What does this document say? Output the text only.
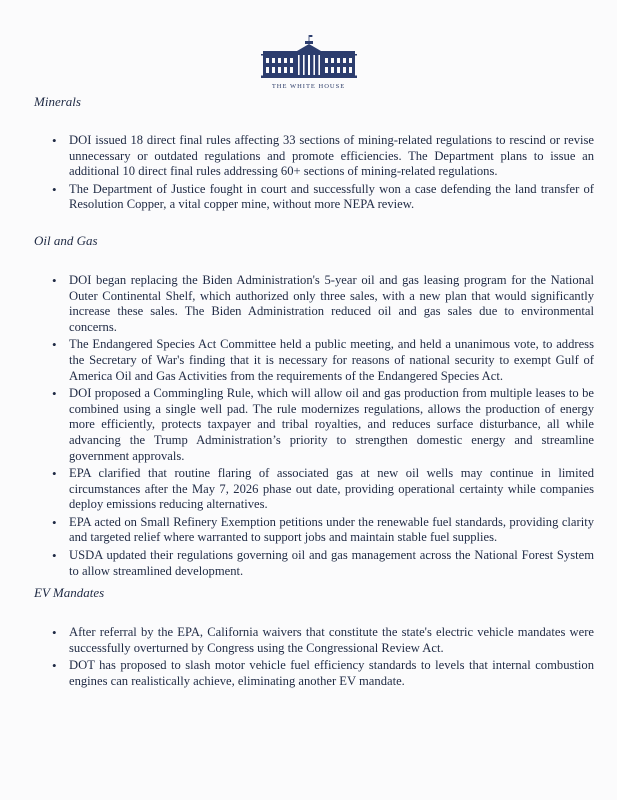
THE WHITE HOUSE

Minerals

• DOI issued 18 direct final rules affecting 33 sections of mining-related regulations to rescind or revise unnecessary or outdated regulations and promote efficiencies. The Department plans to issue an additional 10 direct final rules addressing 60+ sections of mining-related regulations.
• The Department of Justice fought in court and successfully won a case defending the land transfer of Resolution Copper, a vital copper mine, without more NEPA review.

Oil and Gas

• DOI began replacing the Biden Administration's 5-year oil and gas leasing program for the National Outer Continental Shelf, which authorized only three sales, with a new plan that would significantly increase these sales. The Biden Administration reduced oil and gas sales due to environmental concerns.
• The Endangered Species Act Committee held a public meeting, and held a unanimous vote, to address the Secretary of War's finding that it is necessary for reasons of national security to exempt Gulf of America Oil and Gas Activities from the requirements of the Endangered Species Act.
• DOI proposed a Commingling Rule, which will allow oil and gas production from multiple leases to be combined using a single well pad. The rule modernizes regulations, allows the production of energy more efficiently, protects taxpayer and tribal royalties, and reduces surface disturbance, all while advancing the Trump Administration’s priority to strengthen domestic energy and streamline government approvals.
• EPA clarified that routine flaring of associated gas at new oil wells may continue in limited circumstances after the May 7, 2026 phase out date, providing operational certainty while companies deploy emissions reducing alternatives.
• EPA acted on Small Refinery Exemption petitions under the renewable fuel standards, providing clarity and targeted relief where warranted to support jobs and maintain stable fuel supplies.
• USDA updated their regulations governing oil and gas management across the National Forest System to allow streamlined development.

EV Mandates

• After referral by the EPA, California waivers that constitute the state's electric vehicle mandates were successfully overturned by Congress using the Congressional Review Act.
• DOT has proposed to slash motor vehicle fuel efficiency standards to levels that internal combustion engines can realistically achieve, eliminating another EV mandate.
